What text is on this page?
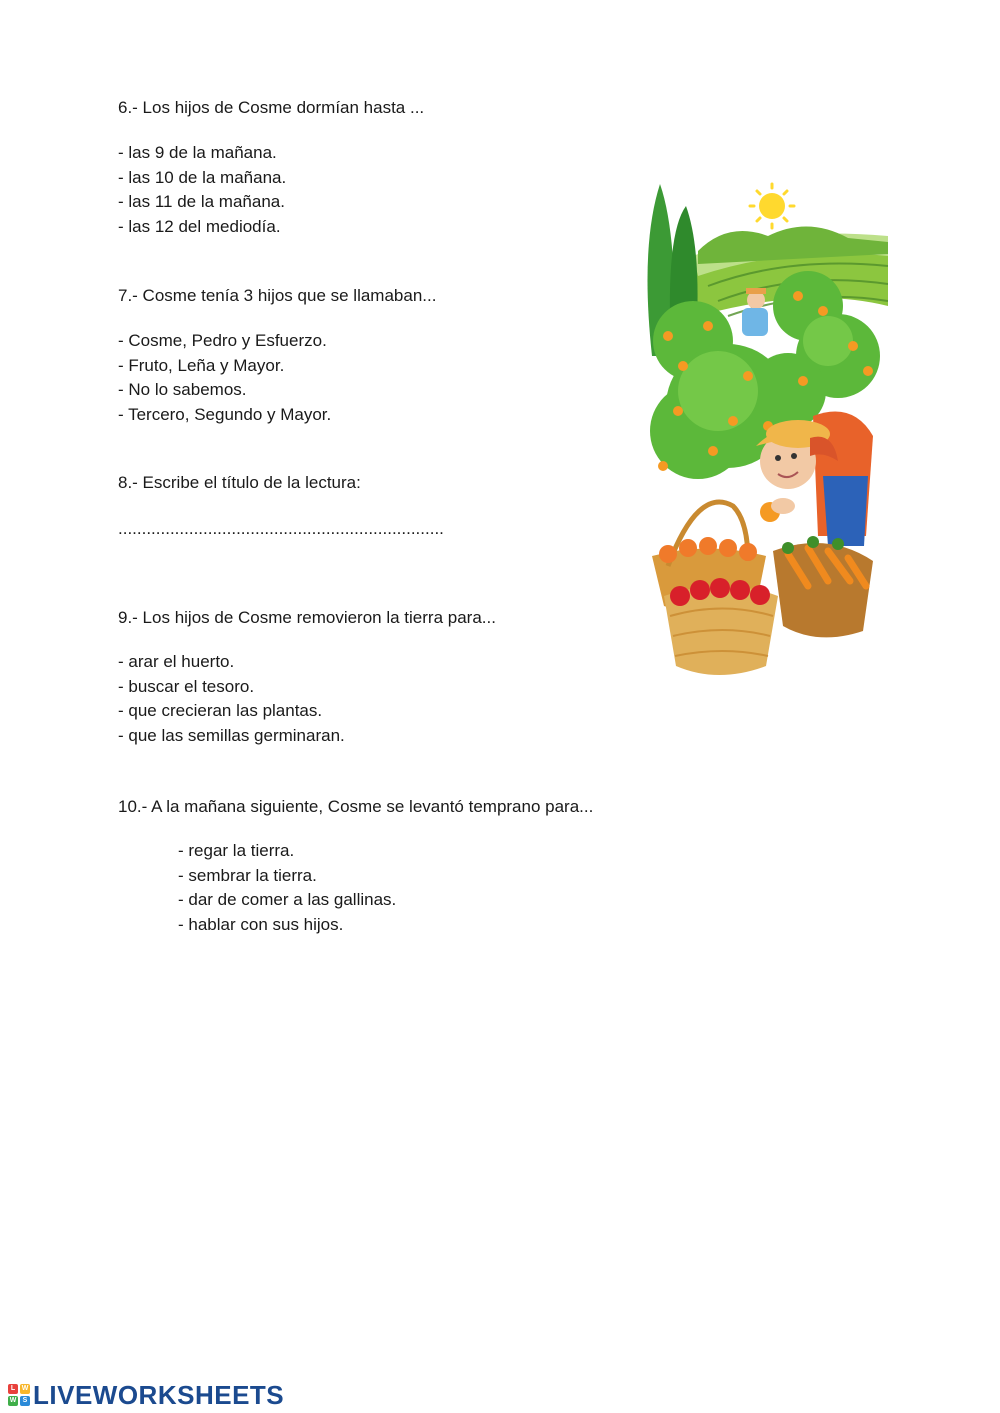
6.- Los hijos de Cosme dormían hasta ...
- las 9 de la mañana.
- las 10 de la mañana.
- las 11 de la mañana.
- las 12 del mediodía.
7.- Cosme tenía 3 hijos que se llamaban...
- Cosme, Pedro y Esfuerzo.
- Fruto, Leña y Mayor.
- No lo sabemos.
- Tercero, Segundo y Mayor.
8.- Escribe el título de la lectura:
.....................................................................
9.- Los hijos de Cosme removieron la tierra para...
- arar el huerto.
- buscar el tesoro.
- que crecieran las plantas.
- que las semillas germinaran.
10.- A la mañana siguiente, Cosme se levantó temprano para...
- regar la tierra.
- sembrar la tierra.
- dar de comer a las gallinas.
- hablar con sus hijos.
L W
W S LIVEWORKSHEETS
